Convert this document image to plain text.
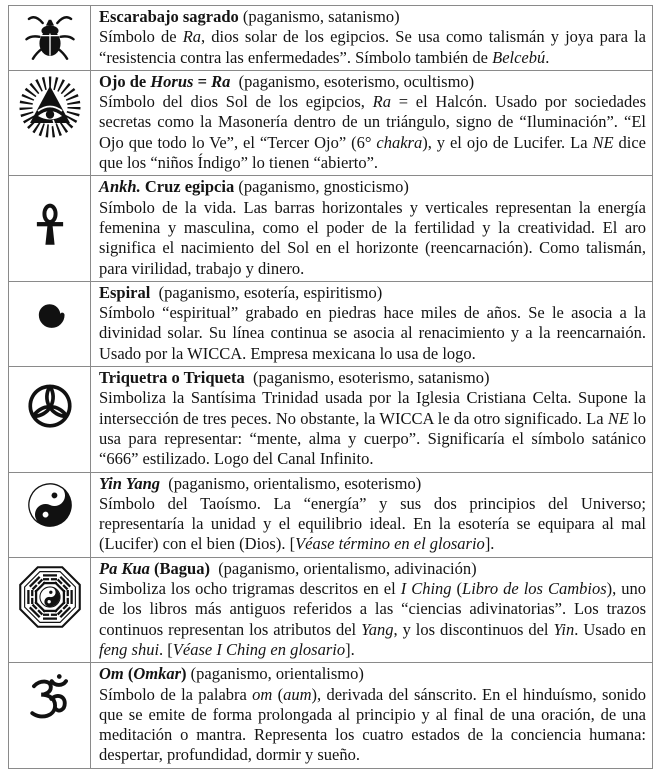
Escarabajo sagrado (paganismo, satanismo)
Símbolo de Ra, dios solar de los egipcios. Se usa como talismán y joya para la “resistencia contra las enfermedades”. Símbolo también de Belcebú.
Ojo de Horus = Ra (paganismo, esoterismo, ocultismo)
Símbolo del dios Sol de los egipcios, Ra = el Halcón. Usado por sociedades secretas como la Masonería dentro de un triángulo, signo de “Iluminación”. “El Ojo que todo lo Ve”, el “Tercer Ojo” (6° chakra), y el ojo de Lucifer. La NE dice que los “niños Índigo” lo tienen “abierto”.
Ankh. Cruz egipcia (paganismo, gnosticismo)
Símbolo de la vida. Las barras horizontales y verticales representan la energía femenina y masculina, como el poder de la fertilidad y la creatividad. El aro significa el nacimiento del Sol en el horizonte (reencarnación). Como talismán, para virilidad, trabajo y dinero.
Espiral (paganismo, esotería, espiritismo)
Símbolo “espiritual” grabado en piedras hace miles de años. Se le asocia a la divinidad solar. Su línea continua se asocia al renacimiento y a la reencarnaión. Usado por la WICCA. Empresa mexicana lo usa de logo.
Triquetra o Triqueta (paganismo, esoterismo, satanismo)
Simboliza la Santísima Trinidad usada por la Iglesia Cristiana Celta. Supone la intersección de tres peces. No obstante, la WICCA le da otro significado. La NE lo usa para representar: “mente, alma y cuerpo”. Significaría el símbolo satánico “666” estilizado. Logo del Canal Infinito.
Yin Yang (paganismo, orientalismo, esoterismo)
Símbolo del Taoísmo. La “energía” y sus dos principios del Universo; representaría la unidad y el equilibrio ideal. En la esotería se equipara al mal (Lucifer) con el bien (Dios). [Véase término en el glosario].
Pa Kua (Bagua) (paganismo, orientalismo, adivinación)
Simboliza los ocho trigramas descritos en el I Ching (Libro de los Cambios), uno de los libros más antiguos referidos a las “ciencias adivinatorias”. Los trazos continuos representan los atributos del Yang, y los discontinuos del Yin. Usado en feng shui. [Véase I Ching en glosario].
Om (Omkar) (paganismo, orientalismo)
Símbolo de la palabra om (aum), derivada del sánscrito. En el hinduísmo, sonido que se emite de forma prolongada al principio y al final de una oración, de una meditación o mantra. Representa los cuatro estados de la conciencia humana: despertar, profundidad, dormir y sueño.
